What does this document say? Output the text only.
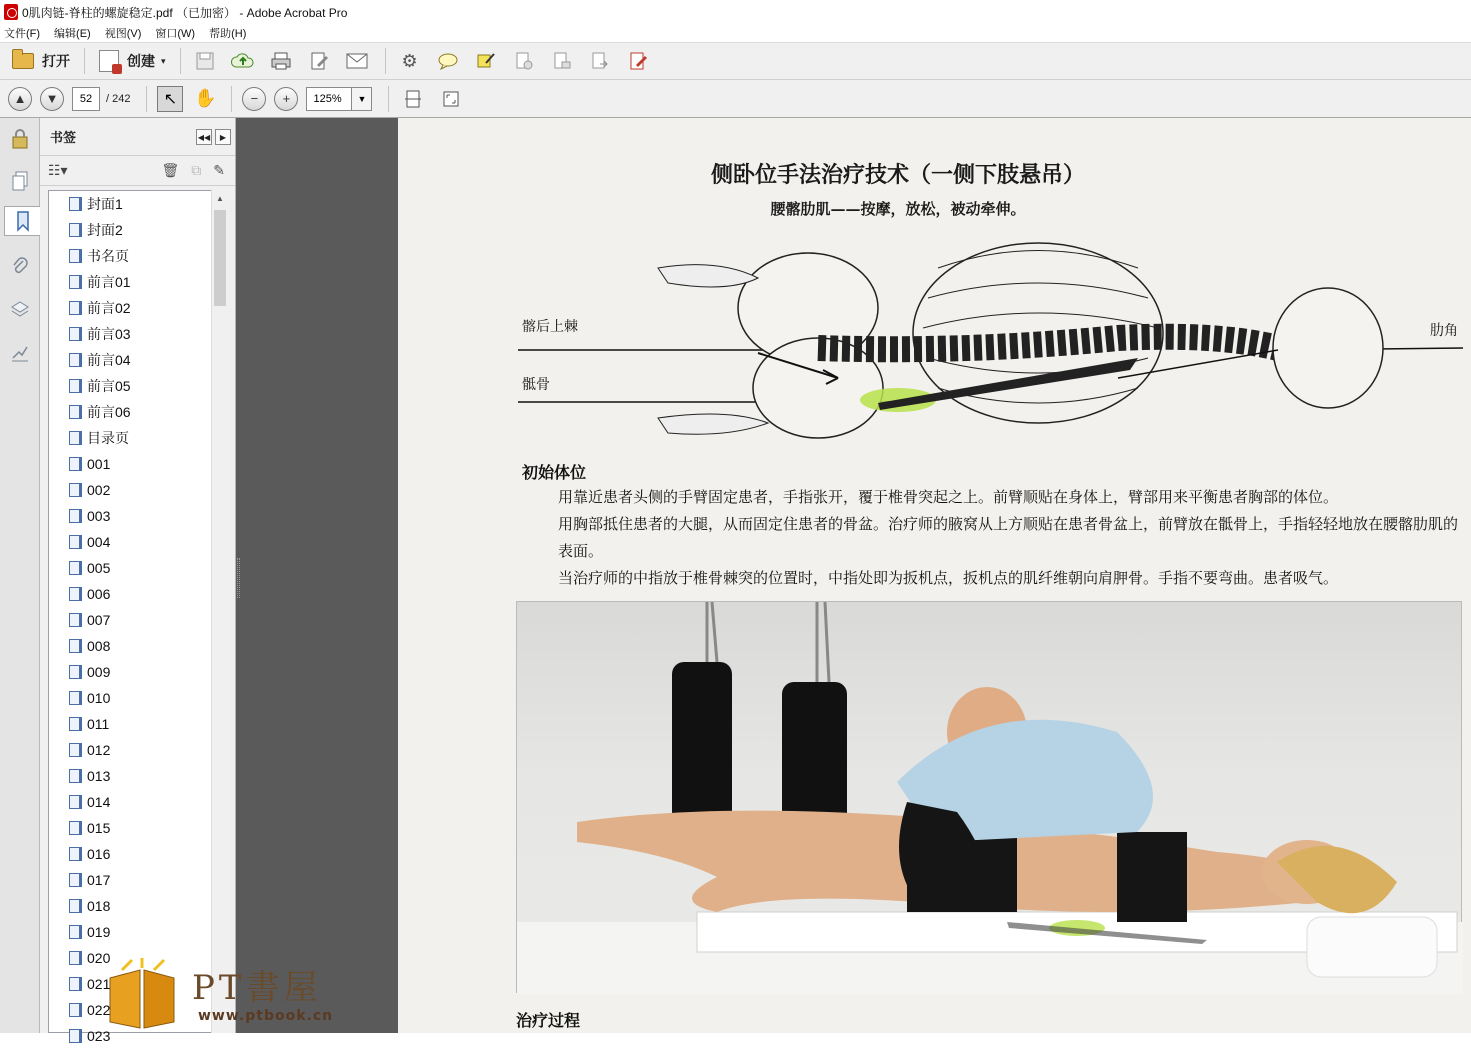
0肌肉链-脊柱的螺旋稳定.pdf （已加密） - Adobe Acrobat Pro
文件(F) 编辑(E) 视图(V) 窗口(W) 帮助(H)
打开	创建 ▾	⚙
▲ ▼	52	/ 242 ↖ ✋	− +	125%	▼
书签	◀◀	▶
☷▾	🗑 ⧉ ✎
封面1
封面2
书名页
前言01
前言02
前言03
前言04
前言05
前言06
目录页
001
002
003
004
005
006
007
008
009
010
011
012
013
014
015
016
017
018
019
020
021
022
023
▲
侧卧位手法治疗技术（一侧下肢悬吊）
腰髂肋肌——按摩，放松，被动牵伸。
髂后上棘
骶骨
肋角
初始体位
用靠近患者头侧的手臂固定患者，手指张开，覆于椎骨突起之上。前臂顺贴在身体上，臂部用来平衡患者胸部的体位。
用胸部抵住患者的大腿，从而固定住患者的骨盆。治疗师的腋窝从上方顺贴在患者骨盆上，前臂放在骶骨上，手指轻轻地放在腰髂肋肌的表面。
当治疗师的中指放于椎骨棘突的位置时，中指处即为扳机点，扳机点的肌纤维朝向肩胛骨。手指不要弯曲。患者吸气。
治疗过程
PT書屋
www.ptbook.cn
